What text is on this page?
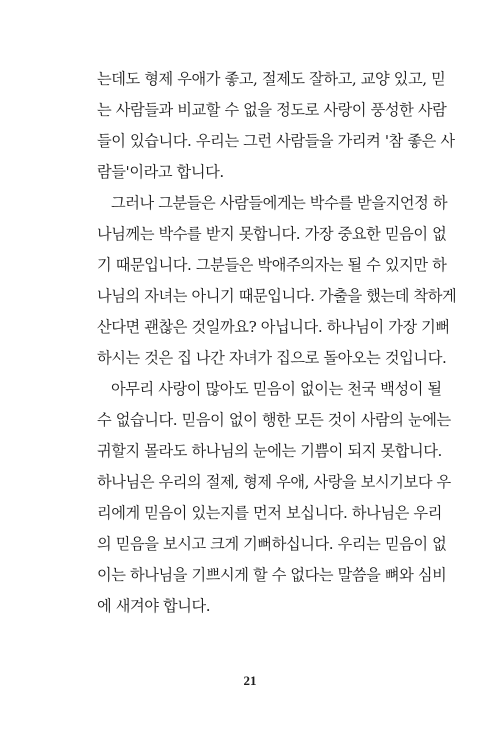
는데도 형제 우애가 좋고, 절제도 잘하고, 교양 있고, 믿
는 사람들과 비교할 수 없을 정도로 사랑이 풍성한 사람
들이 있습니다. 우리는 그런 사람들을 가리켜 '참 좋은 사
람들'이라고 합니다.
그러나 그분들은 사람들에게는 박수를 받을지언정 하
나님께는 박수를 받지 못합니다. 가장 중요한 믿음이 없
기 때문입니다. 그분들은 박애주의자는 될 수 있지만 하
나님의 자녀는 아니기 때문입니다. 가출을 했는데 착하게
산다면 괜찮은 것일까요? 아닙니다. 하나님이 가장 기뻐
하시는 것은 집 나간 자녀가 집으로 돌아오는 것입니다.
아무리 사랑이 많아도 믿음이 없이는 천국 백성이 될
수 없습니다. 믿음이 없이 행한 모든 것이 사람의 눈에는
귀할지 몰라도 하나님의 눈에는 기쁨이 되지 못합니다.
하나님은 우리의 절제, 형제 우애, 사랑을 보시기보다 우
리에게 믿음이 있는지를 먼저 보십니다. 하나님은 우리
의 믿음을 보시고 크게 기뻐하십니다. 우리는 믿음이 없
이는 하나님을 기쁘시게 할 수 없다는 말씀을 뼈와 심비
에 새겨야 합니다.
21
